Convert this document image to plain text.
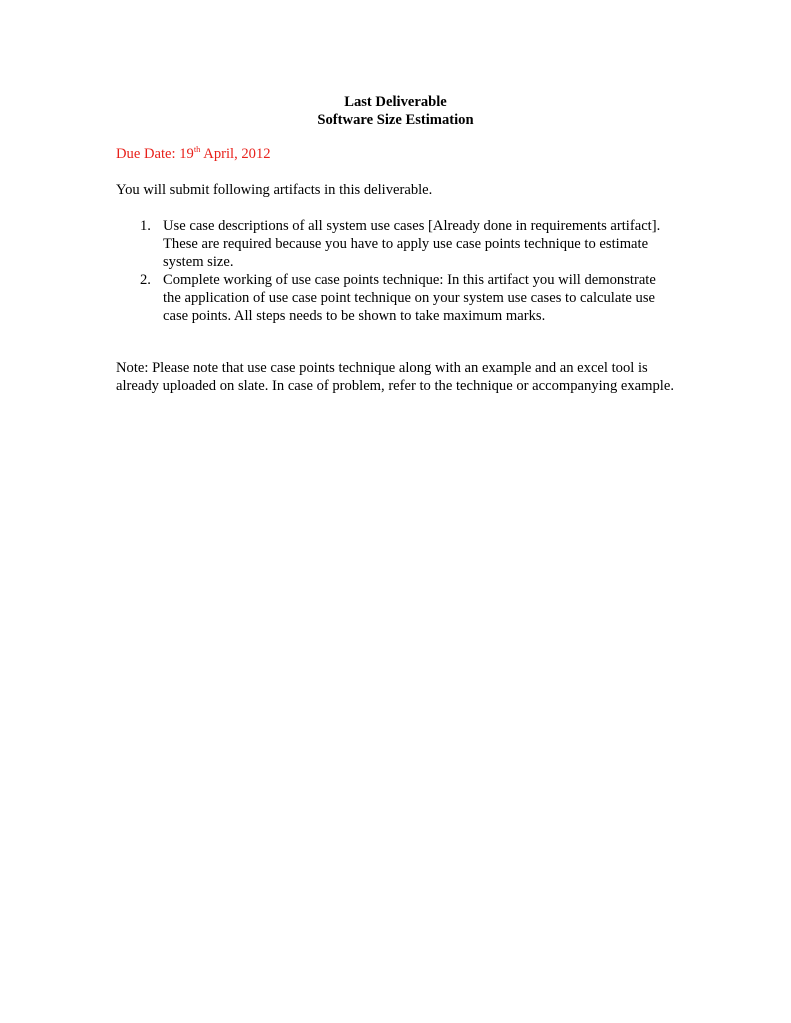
Last Deliverable
Software Size Estimation
Due Date: 19th April, 2012
You will submit following artifacts in this deliverable.
1. Use case descriptions of all system use cases [Already done in requirements artifact]. These are required because you have to apply use case points technique to estimate system size.
2. Complete working of use case points technique: In this artifact you will demonstrate the application of use case point technique on your system use cases to calculate use case points. All steps needs to be shown to take maximum marks.
Note: Please note that use case points technique along with an example and an excel tool is already uploaded on slate. In case of problem, refer to the technique or accompanying example.
